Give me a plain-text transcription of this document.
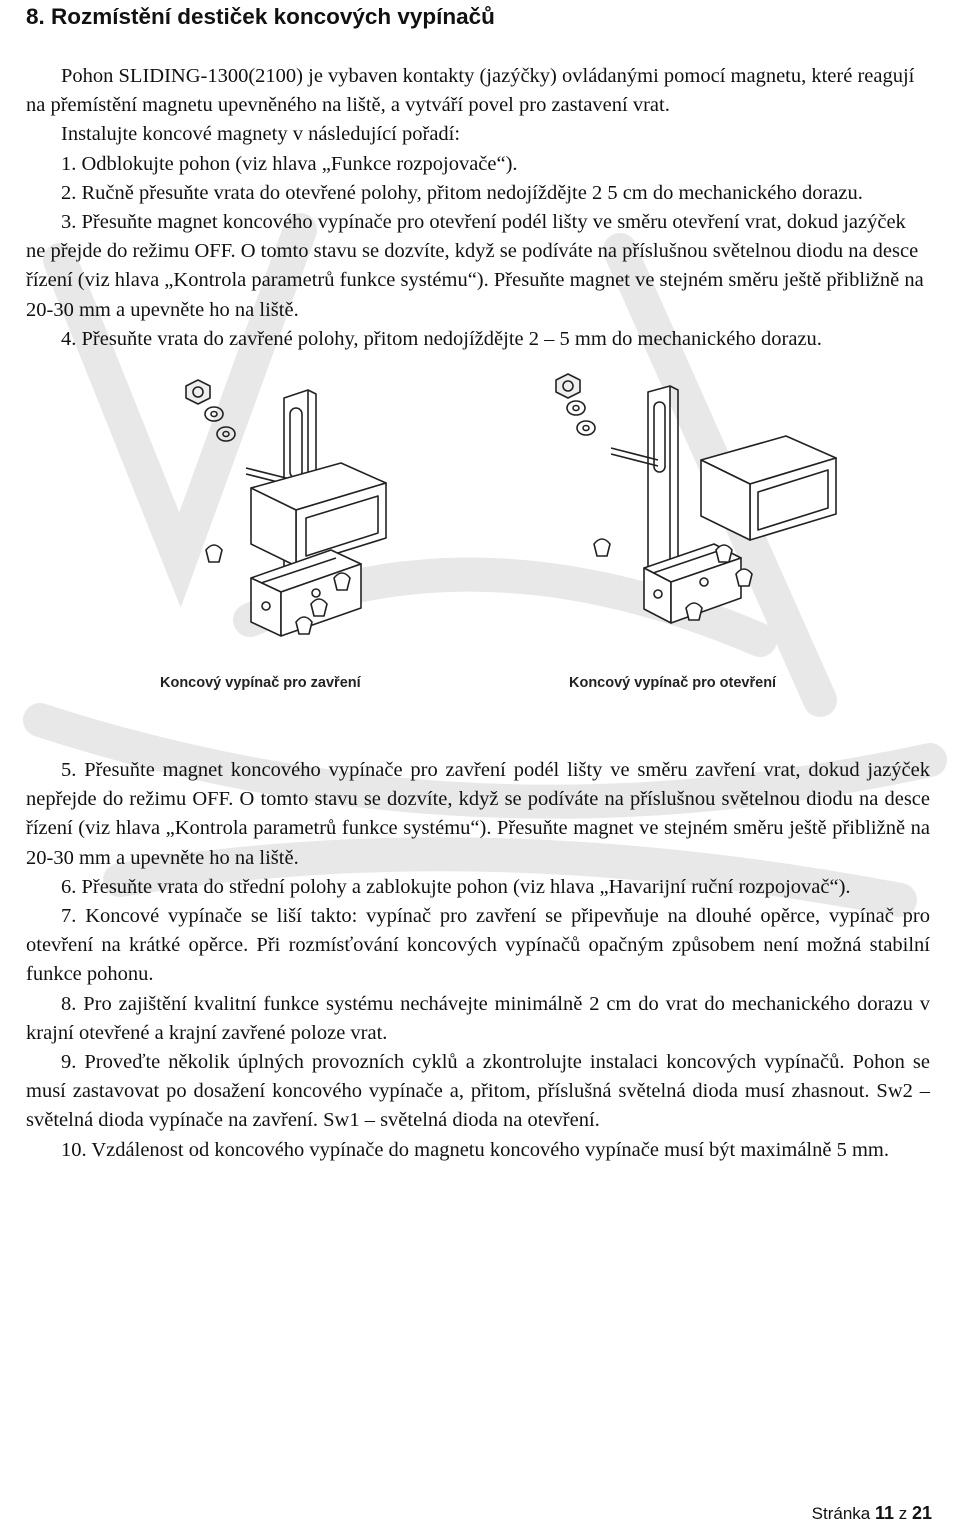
8. Rozmístění destiček koncových vypínačů

Pohon SLIDING-1300(2100) je vybaven kontakty (jazýčky) ovládanými pomocí magnetu, které reagují na přemístění magnetu upevněného na liště, a vytváří povel pro zastavení vrat.

Instalujte koncové magnety v následující pořadí:

1. Odblokujte pohon (viz hlava „Funkce rozpojovače“).

2. Ručně přesuňte vrata do otevřené polohy, přitom nedojíždějte 2 5 cm do mechanického dorazu.

3. Přesuňte magnet koncového vypínače pro otevření podél lišty ve směru otevření vrat, dokud jazýček ne přejde do režimu OFF. O tomto stavu se dozvíte, když se podíváte na příslušnou světelnou diodu na desce řízení (viz hlava „Kontrola parametrů funkce systému“). Přesuňte magnet ve stejném směru ještě přibližně na 20-30 mm a upevněte ho na liště.

4. Přesuňte vrata do zavřené polohy, přitom nedojíždějte 2 – 5 mm do mechanického dorazu.

Koncový vypínač pro zavření	Koncový vypínač pro otevření

5. Přesuňte magnet koncového vypínače pro zavření podél lišty ve směru zavření vrat, dokud jazýček nepřejde do režimu OFF. O tomto stavu se dozvíte, když se podíváte na příslušnou světelnou diodu na desce řízení (viz hlava „Kontrola parametrů funkce systému“). Přesuňte magnet ve stejném směru ještě přibližně na 20-30 mm a upevněte ho na liště.

6. Přesuňte vrata do střední polohy a zablokujte pohon (viz hlava „Havarijní ruční rozpojovač“).

7. Koncové vypínače se liší takto: vypínač pro zavření se připevňuje na dlouhé opěrce, vypínač pro otevření na krátké opěrce. Při rozmísťování koncových vypínačů opačným způsobem není možná stabilní funkce pohonu.

8. Pro zajištění kvalitní funkce systému nechávejte minimálně 2 cm do vrat do mechanického dorazu v krajní otevřené a krajní zavřené poloze vrat.

9. Proveďte několik úplných provozních cyklů a zkontrolujte instalaci koncových vypínačů. Pohon se musí zastavovat po dosažení koncového vypínače a, přitom, příslušná světelná dioda musí zhasnout. Sw2 – světelná dioda vypínače na zavření. Sw1 – světelná dioda na otevření.

10. Vzdálenost od koncového vypínače do magnetu koncového vypínače musí být maximálně 5 mm.

Stránka 11 z 21
